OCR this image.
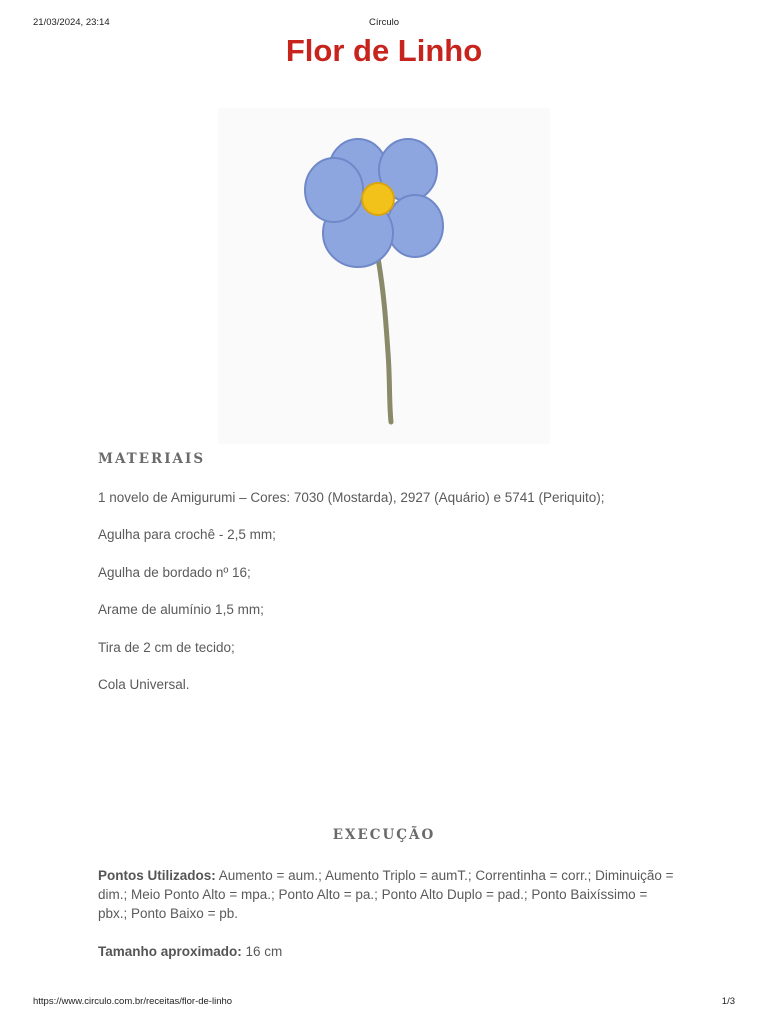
21/03/2024, 23:14	Círculo
Flor de Linho
MATERIAIS

1 novelo de Amigurumi – Cores: 7030 (Mostarda), 2927 (Aquário) e 5741 (Periquito);

Agulha para crochê - 2,5 mm;

Agulha de bordado nº 16;

Arame de alumínio 1,5 mm;

Tira de 2 cm de tecido;

Cola Universal.

EXECUÇÃO

Pontos Utilizados: Aumento = aum.; Aumento Triplo = aumT.; Correntinha = corr.; Diminuição = dim.; Meio Ponto Alto = mpa.; Ponto Alto = pa.; Ponto Alto Duplo = pad.; Ponto Baixíssimo = pbx.; Ponto Baixo = pb.

Tamanho aproximado: 16 cm

https://www.circulo.com.br/receitas/flor-de-linho	1/3
